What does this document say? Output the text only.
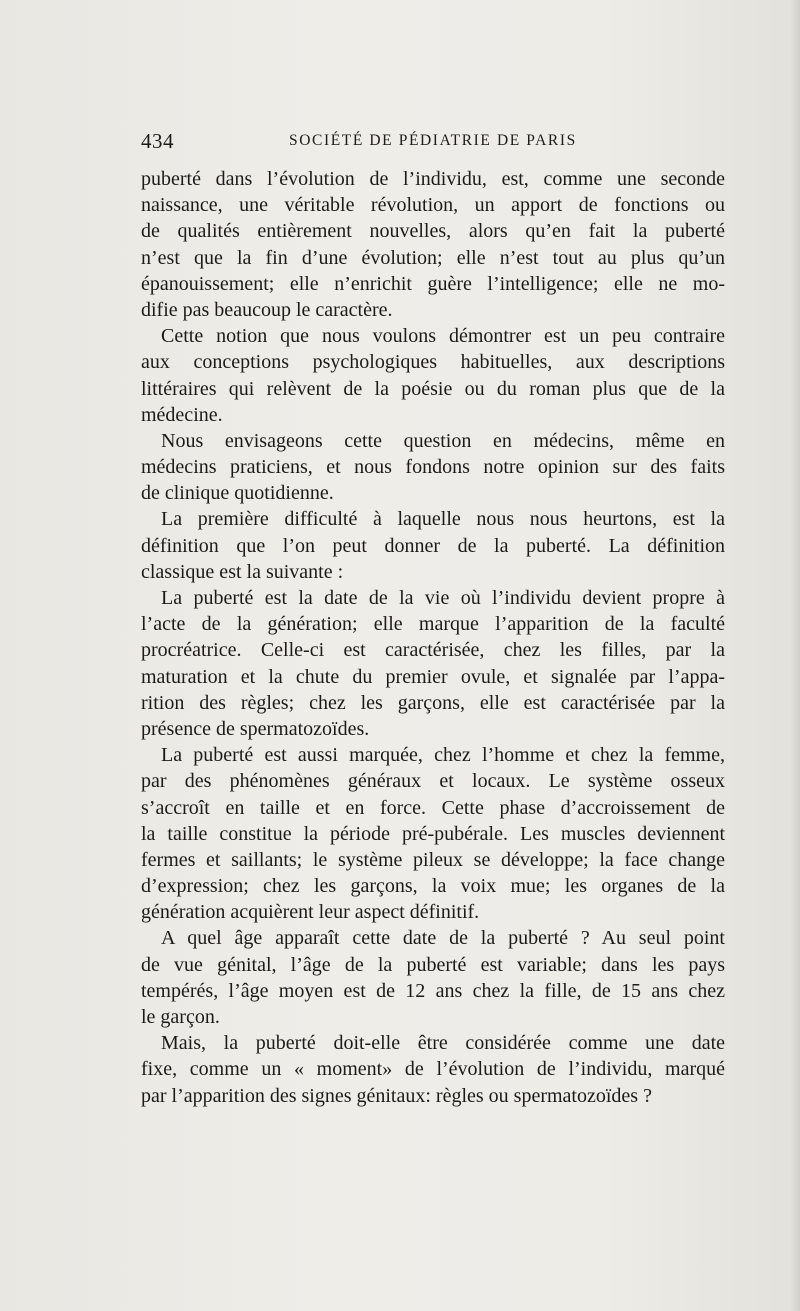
434	SOCIÉTÉ DE PÉDIATRIE DE PARIS
puberté dans l’évolution de l’individu, est, comme une seconde
naissance, une véritable révolution, un apport de fonctions ou
de qualités entièrement nouvelles, alors qu’en fait la puberté
n’est que la fin d’une évolution; elle n’est tout au plus qu’un
épanouissement; elle n’enrichit guère l’intelligence; elle ne mo-
difie pas beaucoup le caractère.
Cette notion que nous voulons démontrer est un peu contraire
aux conceptions psychologiques habituelles, aux descriptions
littéraires qui relèvent de la poésie ou du roman plus que de la
médecine.
Nous envisageons cette question en médecins, même en
médecins praticiens, et nous fondons notre opinion sur des faits
de clinique quotidienne.
La première difficulté à laquelle nous nous heurtons, est la
définition que l’on peut donner de la puberté. La définition
classique est la suivante :
La puberté est la date de la vie où l’individu devient propre à
l’acte de la génération; elle marque l’apparition de la faculté
procréatrice. Celle-ci est caractérisée, chez les filles, par la
maturation et la chute du premier ovule, et signalée par l’appa-
rition des règles; chez les garçons, elle est caractérisée par la
présence de spermatozoïdes.
La puberté est aussi marquée, chez l’homme et chez la femme,
par des phénomènes généraux et locaux. Le système osseux
s’accroît en taille et en force. Cette phase d’accroissement de
la taille constitue la période pré-pubérale. Les muscles deviennent
fermes et saillants; le système pileux se développe; la face change
d’expression; chez les garçons, la voix mue; les organes de la
génération acquièrent leur aspect définitif.
A quel âge apparaît cette date de la puberté ? Au seul point
de vue génital, l’âge de la puberté est variable; dans les pays
tempérés, l’âge moyen est de 12 ans chez la fille, de 15 ans chez
le garçon.
Mais, la puberté doit-elle être considérée comme une date
fixe, comme un « moment» de l’évolution de l’individu, marqué
par l’apparition des signes génitaux: règles ou spermatozoïdes ?
